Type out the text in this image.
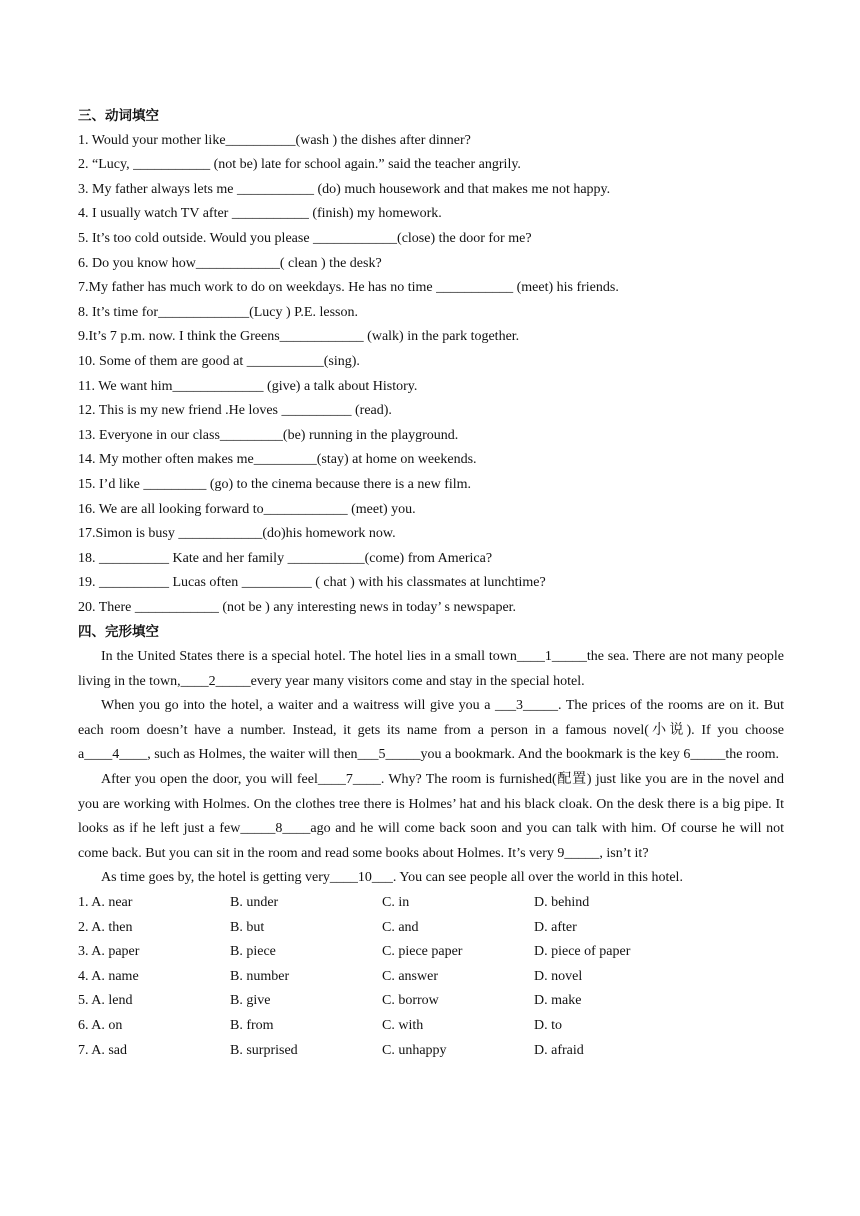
三、动词填空
1. Would your mother like__________(wash ) the dishes after dinner?
2. “Lucy, ___________ (not be) late for school again.” said the teacher angrily.
3. My father always lets me ___________ (do) much housework and that makes me not happy.
4. I usually watch TV after ___________ (finish) my homework.
5. It’s too cold outside. Would you please ____________(close) the door for me?
6. Do you know how____________( clean ) the desk?
7.My father has much work to do on weekdays. He has no time ___________ (meet) his friends.
8. It’s time for_____________(Lucy ) P.E. lesson.
9.It’s 7 p.m. now. I think the Greens____________ (walk) in the park together.
10. Some of them are good at ___________(sing).
11. We want him_____________ (give) a talk about History.
12. This is my new friend .He loves __________ (read).
13. Everyone in our class_________(be) running in the playground.
14. My mother often makes me_________(stay) at home on weekends.
15. I’d like _________ (go) to the cinema because there is a new film.
16. We are all looking forward to____________ (meet) you.
17.Simon is busy ____________(do)his homework now.
18. __________ Kate and her family ___________(come) from America?
19. __________ Lucas often __________ ( chat ) with his classmates at lunchtime?
20. There ____________ (not be ) any interesting news in today’ s newspaper.
四、完形填空

In the United States there is a special hotel. The hotel lies in a small town____1_____the sea. There are not many people living in the town,____2_____every year many visitors come and stay in the special hotel.

When you go into the hotel, a waiter and a waitress will give you a ___3_____. The prices of the rooms are on it. But each room doesn’t have a number. Instead, it gets its name from a person in a famous novel(小说). If you choose a____4____, such as Holmes, the waiter will then___5_____you a bookmark. And the bookmark is the key 6_____the room.

After you open the door, you will feel____7____. Why? The room is furnished(配置) just like you are in the novel and you are working with Holmes. On the clothes tree there is Holmes’ hat and his black cloak. On the desk there is a big pipe. It looks as if he left just a few_____8____ago and he will come back soon and you can talk with him. Of course he will not come back. But you can sit in the room and read some books about Holmes. It’s very 9_____, isn’t it?

As time goes by, the hotel is getting very____10___. You can see people all over the world in this hotel.

1. A. near	B. under	C. in	D. behind
2. A. then	B. but	C. and	D. after
3. A. paper	B. piece	C. piece paper	D. piece of paper
4. A. name	B. number	C. answer	D. novel
5. A. lend	B. give	C. borrow	D. make
6. A. on	B. from	C. with	D. to
7. A. sad	B. surprised	C. unhappy	D. afraid
